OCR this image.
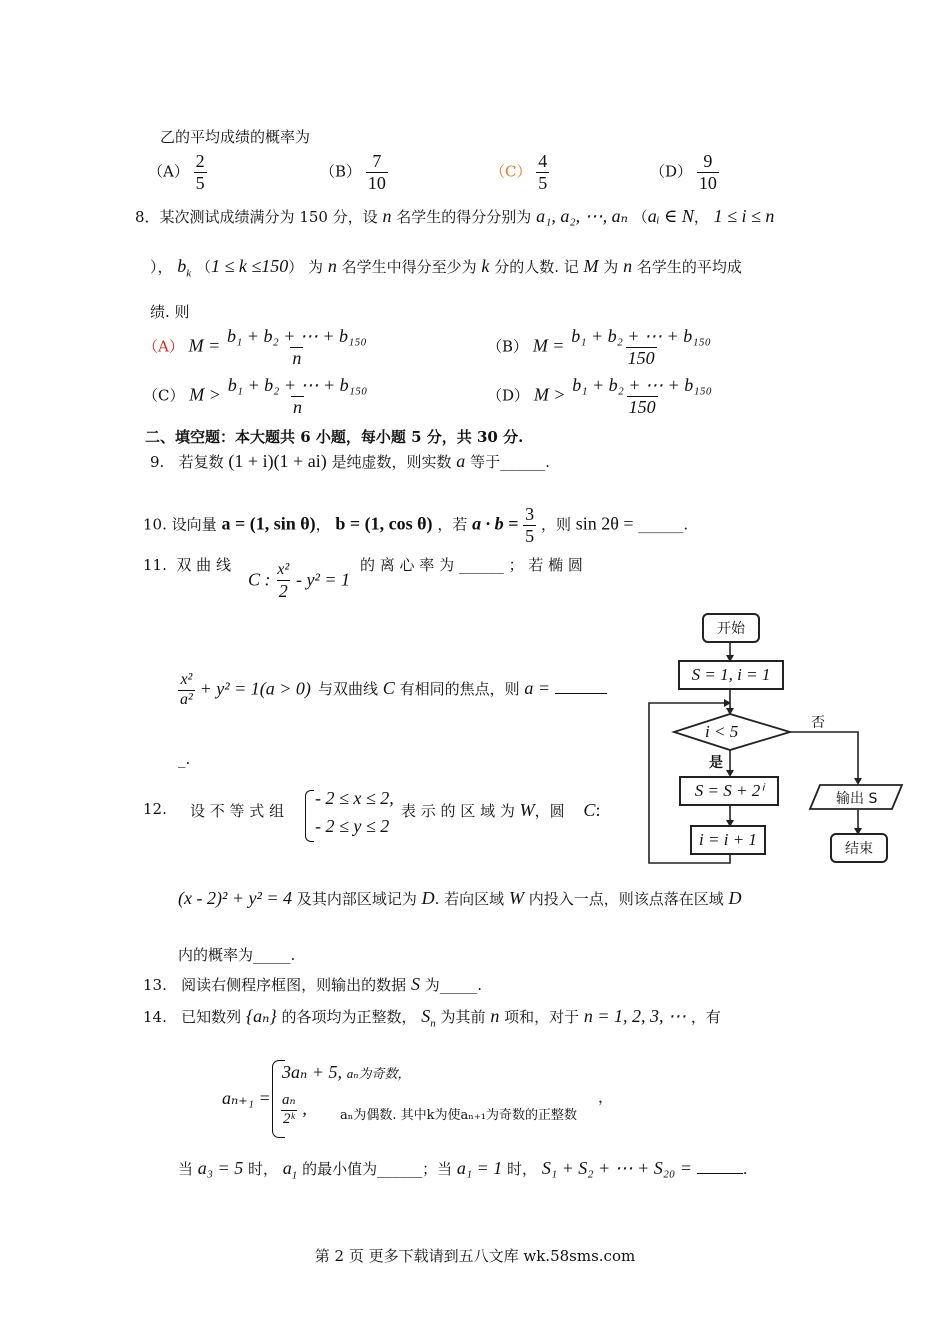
乙的平均成绩的概率为
$(A) \frac{2}{5}$	$(B) \frac{7}{10}$	$(C) \frac{4}{5}$	$(D) \frac{9}{10}$
8．某次测试成绩满分为 150 分，设 n 名学生的得分分别为 a₁, a₂, ⋯, aₙ （aᵢ ∈ N， 1 ≤ i ≤ n
）， $b_k$ （1 ≤ k ≤150） 为 n 名学生中得分至少为 k 分的人数. 记 M 为 n 名学生的平均成
绩. 则
（A） $M = \frac{\text{b₁ + b₂ + ⋯ + b₁₅₀}}{n}$	（B） $M = \frac{\text{b₁ + b₂ + ⋯ + b₁₅₀}}{150}$
（C） $M > \frac{\text{b₁ + b₂ + ⋯ + b₁₅₀}}{n}$	（D） $M > \frac{\text{b₁ + b₂ + ⋯ + b₁₅₀}}{150}$
二、填空题：本大题共 6 小题，每小题 5 分，共 30 分.
9. 若复数 (1 + i)(1 + ai) 是纯虚数，则实数 a 等于______.
10. 设向量 a = (1, sin θ)， b = (1, cos θ) ，若 $a \cdot b = \frac{3}{5}$ ，则 sin 2θ = ______.
11. 双 曲 线
C : $\frac{\text{x²}}{2} - y^2 = 1$
的 离 心 率 为 ______ ； 若 椭 圆
$\frac{\text{x²}}{\text{a²}} + y^2 = 1(a > 0)$ 与双曲线 C 有相同的焦点，则 a =
_.
12. 设 不 等 式 组
- 2 ≤ x ≤ 2,
- 2 ≤ y ≤ 2
表 示 的 区 域 为 W，圆 C:
(x - 2)² + y² = 4 及其内部区域记为 D. 若向区域 W 内投入一点，则该点落在区域 D
内的概率为_____.
13. 阅读右侧程序框图，则输出的数据 S 为_____.
14. 已知数列 {aₙ} 的各项均为正整数， $S_n$ 为其前 n 项和，对于 n = 1, 2, 3, ⋯ ，有
aₙ₊₁ =
3aₙ + 5, aₙ为奇数，
$\frac{\text{aₙ}}{\text{2ᵏ}}$ ,	aₙ为偶数. 其中k为使aₙ₊₁为奇数的正整数
，
当 a₃ = 5 时， $a_1$ 的最小值为______；当 a₁ = 1 时， S₁ + S₂ + ⋯ + S₂₀ =	.
开始
S = 1, i = 1
i < 5	否
是
S = S + 2ⁱ
i = i + 1
输出 S
结束
第 2 页 更多下载请到五八文库 wk.58sms.com
